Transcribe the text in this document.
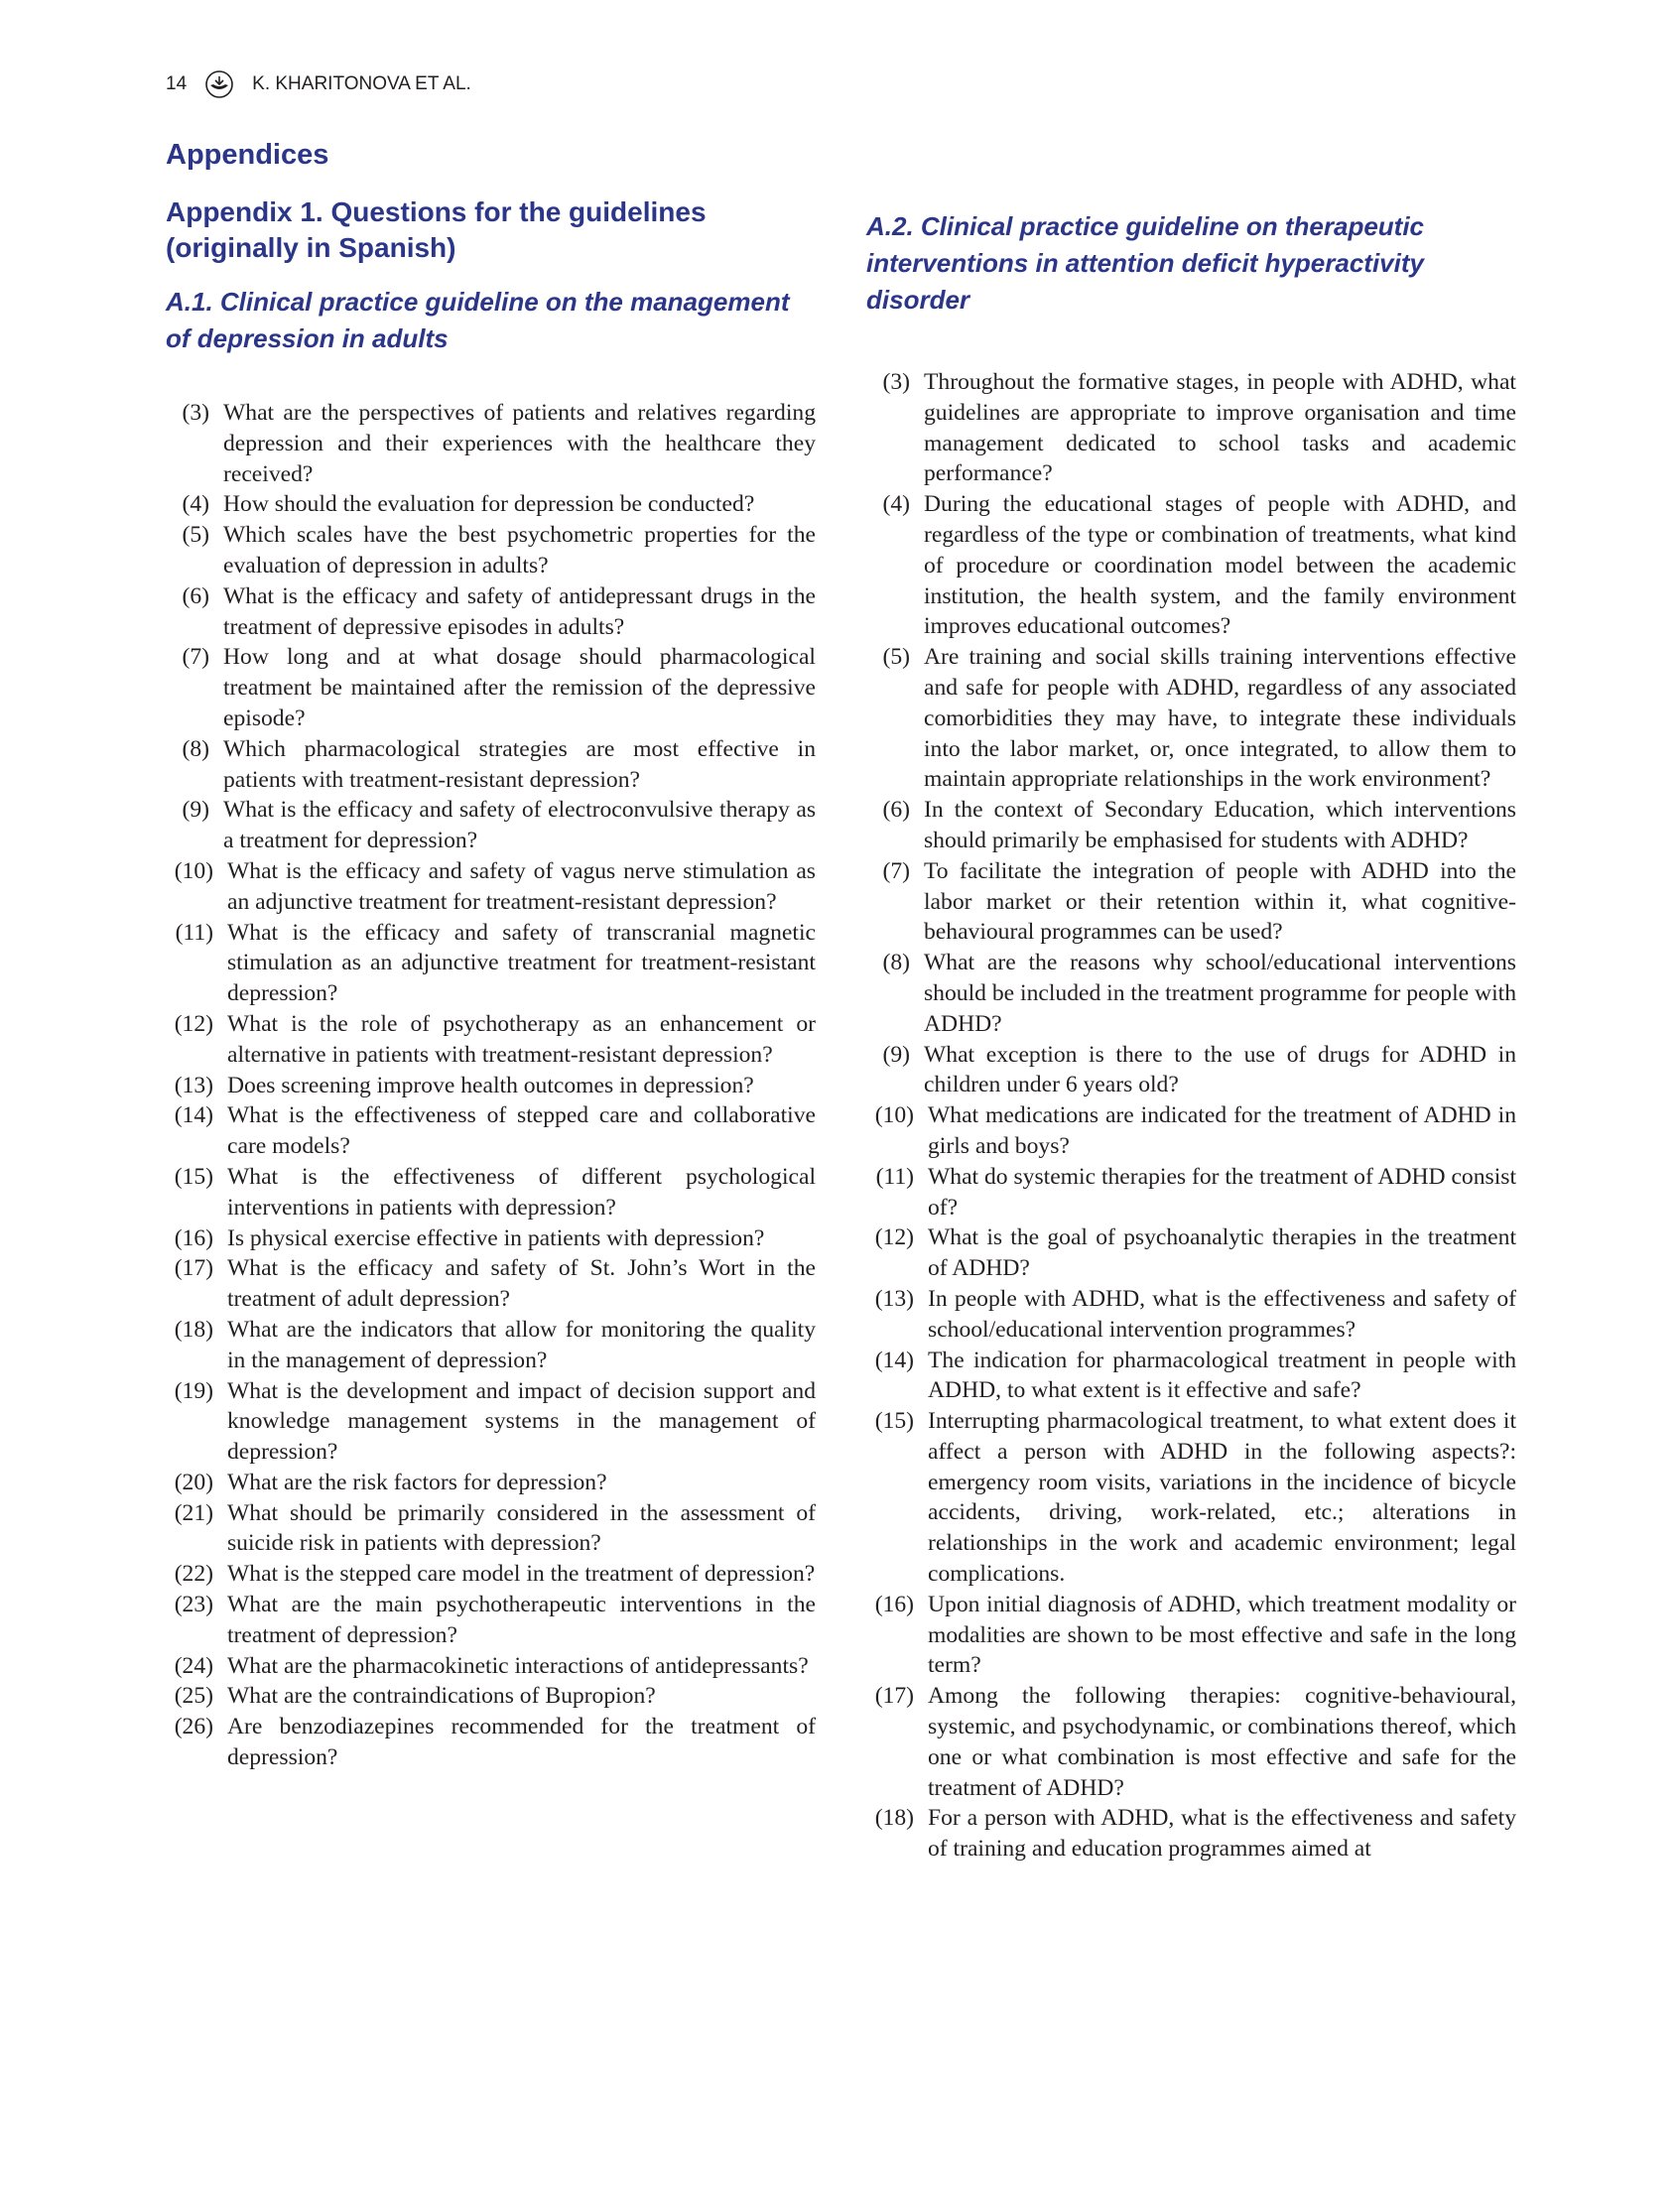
14	K. KHARITONOVA ET AL.
Appendices
Appendix 1. Questions for the guidelines (originally in Spanish)
A.1. Clinical practice guideline on the management of depression in adults
(3) What are the perspectives of patients and relatives regarding depression and their experiences with the healthcare they received?
(4) How should the evaluation for depression be conducted?
(5) Which scales have the best psychometric properties for the evaluation of depression in adults?
(6) What is the efficacy and safety of antidepressant drugs in the treatment of depressive episodes in adults?
(7) How long and at what dosage should pharmacological treatment be maintained after the remission of the depressive episode?
(8) Which pharmacological strategies are most effective in patients with treatment-resistant depression?
(9) What is the efficacy and safety of electroconvulsive therapy as a treatment for depression?
(10) What is the efficacy and safety of vagus nerve stimulation as an adjunctive treatment for treatment-resistant depression?
(11) What is the efficacy and safety of transcranial magnetic stimulation as an adjunctive treatment for treatment-resistant depression?
(12) What is the role of psychotherapy as an enhancement or alternative in patients with treatment-resistant depression?
(13) Does screening improve health outcomes in depression?
(14) What is the effectiveness of stepped care and collaborative care models?
(15) What is the effectiveness of different psychological interventions in patients with depression?
(16) Is physical exercise effective in patients with depression?
(17) What is the efficacy and safety of St. John’s Wort in the treatment of adult depression?
(18) What are the indicators that allow for monitoring the quality in the management of depression?
(19) What is the development and impact of decision support and knowledge management systems in the management of depression?
(20) What are the risk factors for depression?
(21) What should be primarily considered in the assessment of suicide risk in patients with depression?
(22) What is the stepped care model in the treatment of depression?
(23) What are the main psychotherapeutic interventions in the treatment of depression?
(24) What are the pharmacokinetic interactions of antidepressants?
(25) What are the contraindications of Bupropion?
(26) Are benzodiazepines recommended for the treatment of depression?
A.2. Clinical practice guideline on therapeutic interventions in attention deficit hyperactivity disorder
(3) Throughout the formative stages, in people with ADHD, what guidelines are appropriate to improve organisation and time management dedicated to school tasks and academic performance?
(4) During the educational stages of people with ADHD, and regardless of the type or combination of treatments, what kind of procedure or coordination model between the academic institution, the health system, and the family environment improves educational outcomes?
(5) Are training and social skills training interventions effective and safe for people with ADHD, regardless of any associated comorbidities they may have, to integrate these individuals into the labor market, or, once integrated, to allow them to maintain appropriate relationships in the work environment?
(6) In the context of Secondary Education, which interventions should primarily be emphasised for students with ADHD?
(7) To facilitate the integration of people with ADHD into the labor market or their retention within it, what cognitive-behavioural programmes can be used?
(8) What are the reasons why school/educational interventions should be included in the treatment programme for people with ADHD?
(9) What exception is there to the use of drugs for ADHD in children under 6 years old?
(10) What medications are indicated for the treatment of ADHD in girls and boys?
(11) What do systemic therapies for the treatment of ADHD consist of?
(12) What is the goal of psychoanalytic therapies in the treatment of ADHD?
(13) In people with ADHD, what is the effectiveness and safety of school/educational intervention programmes?
(14) The indication for pharmacological treatment in people with ADHD, to what extent is it effective and safe?
(15) Interrupting pharmacological treatment, to what extent does it affect a person with ADHD in the following aspects?: emergency room visits, variations in the incidence of bicycle accidents, driving, work-related, etc.; alterations in relationships in the work and academic environment; legal complications.
(16) Upon initial diagnosis of ADHD, which treatment modality or modalities are shown to be most effective and safe in the long term?
(17) Among the following therapies: cognitive-behavioural, systemic, and psychodynamic, or combinations thereof, which one or what combination is most effective and safe for the treatment of ADHD?
(18) For a person with ADHD, what is the effectiveness and safety of training and education programmes aimed at
